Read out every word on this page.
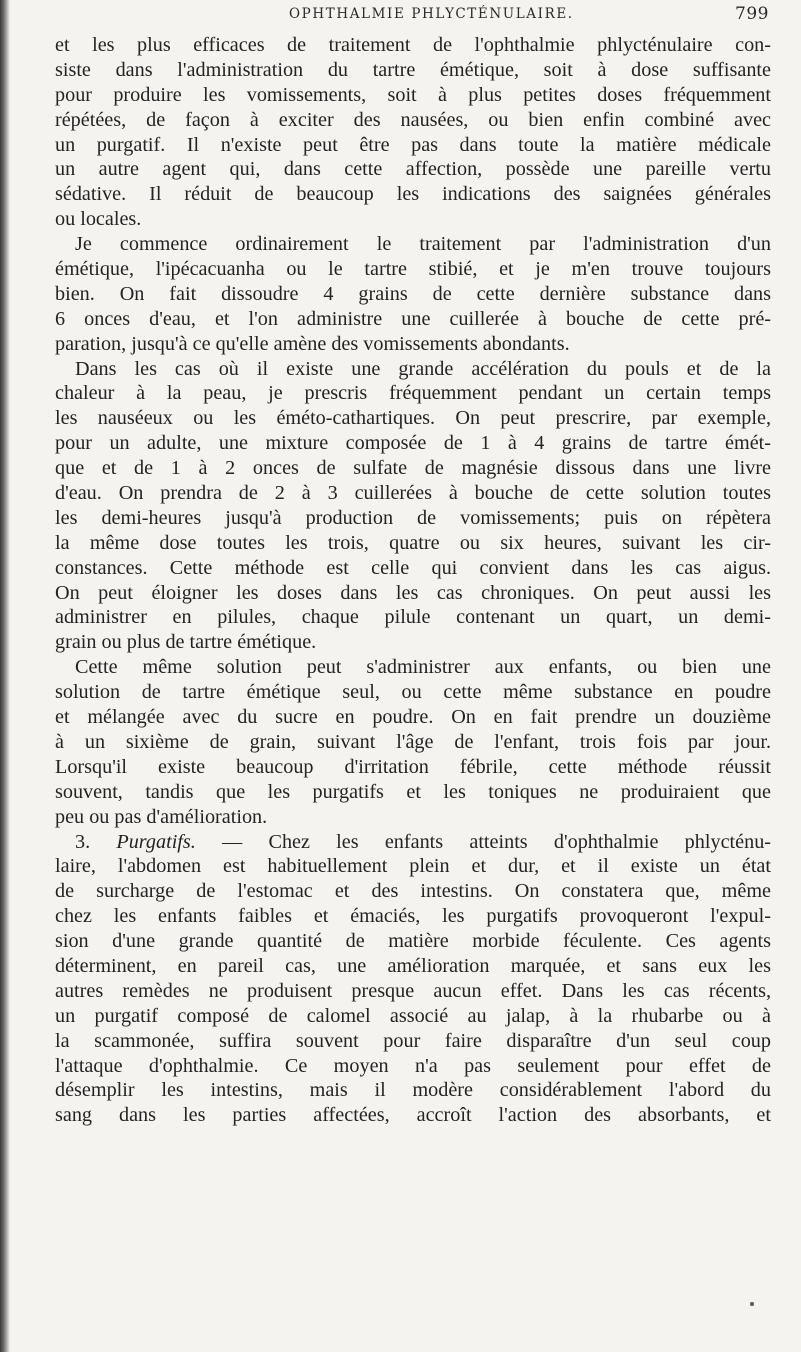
OPHTHALMIE PHLYCTÉNULAIRE.	799
et les plus efficaces de traitement de l'ophthalmie phlycténulaire con-
siste dans l'administration du tartre émétique, soit à dose suffisante
pour produire les vomissements, soit à plus petites doses fréquemment
répétées, de façon à exciter des nausées, ou bien enfin combiné avec
un purgatif. Il n'existe peut être pas dans toute la matière médicale
un autre agent qui, dans cette affection, possède une pareille vertu
sédative. Il réduit de beaucoup les indications des saignées générales
ou locales.
Je commence ordinairement le traitement par l'administration d'un
émétique, l'ipécacuanha ou le tartre stibié, et je m'en trouve toujours
bien. On fait dissoudre 4 grains de cette dernière substance dans
6 onces d'eau, et l'on administre une cuillerée à bouche de cette pré-
paration, jusqu'à ce qu'elle amène des vomissements abondants.
Dans les cas où il existe une grande accélération du pouls et de la
chaleur à la peau, je prescris fréquemment pendant un certain temps
les nauséeux ou les éméto-cathartiques. On peut prescrire, par exemple,
pour un adulte, une mixture composée de 1 à 4 grains de tartre émét-
que et de 1 à 2 onces de sulfate de magnésie dissous dans une livre
d'eau. On prendra de 2 à 3 cuillerées à bouche de cette solution toutes
les demi-heures jusqu'à production de vomissements; puis on répètera
la même dose toutes les trois, quatre ou six heures, suivant les cir-
constances. Cette méthode est celle qui convient dans les cas aigus.
On peut éloigner les doses dans les cas chroniques. On peut aussi les
administrer en pilules, chaque pilule contenant un quart, un demi-
grain ou plus de tartre émétique.
Cette même solution peut s'administrer aux enfants, ou bien une
solution de tartre émétique seul, ou cette même substance en poudre
et mélangée avec du sucre en poudre. On en fait prendre un douzième
à un sixième de grain, suivant l'âge de l'enfant, trois fois par jour.
Lorsqu'il existe beaucoup d'irritation fébrile, cette méthode réussit
souvent, tandis que les purgatifs et les toniques ne produiraient que
peu ou pas d'amélioration.
3. Purgatifs. — Chez les enfants atteints d'ophthalmie phlycténu-
laire, l'abdomen est habituellement plein et dur, et il existe un état
de surcharge de l'estomac et des intestins. On constatera que, même
chez les enfants faibles et émaciés, les purgatifs provoqueront l'expul-
sion d'une grande quantité de matière morbide féculente. Ces agents
déterminent, en pareil cas, une amélioration marquée, et sans eux les
autres remèdes ne produisent presque aucun effet. Dans les cas récents,
un purgatif composé de calomel associé au jalap, à la rhubarbe ou à
la scammonée, suffira souvent pour faire disparaître d'un seul coup
l'attaque d'ophthalmie. Ce moyen n'a pas seulement pour effet de
désemplir les intestins, mais il modère considérablement l'abord du
sang dans les parties affectées, accroît l'action des absorbants, et
